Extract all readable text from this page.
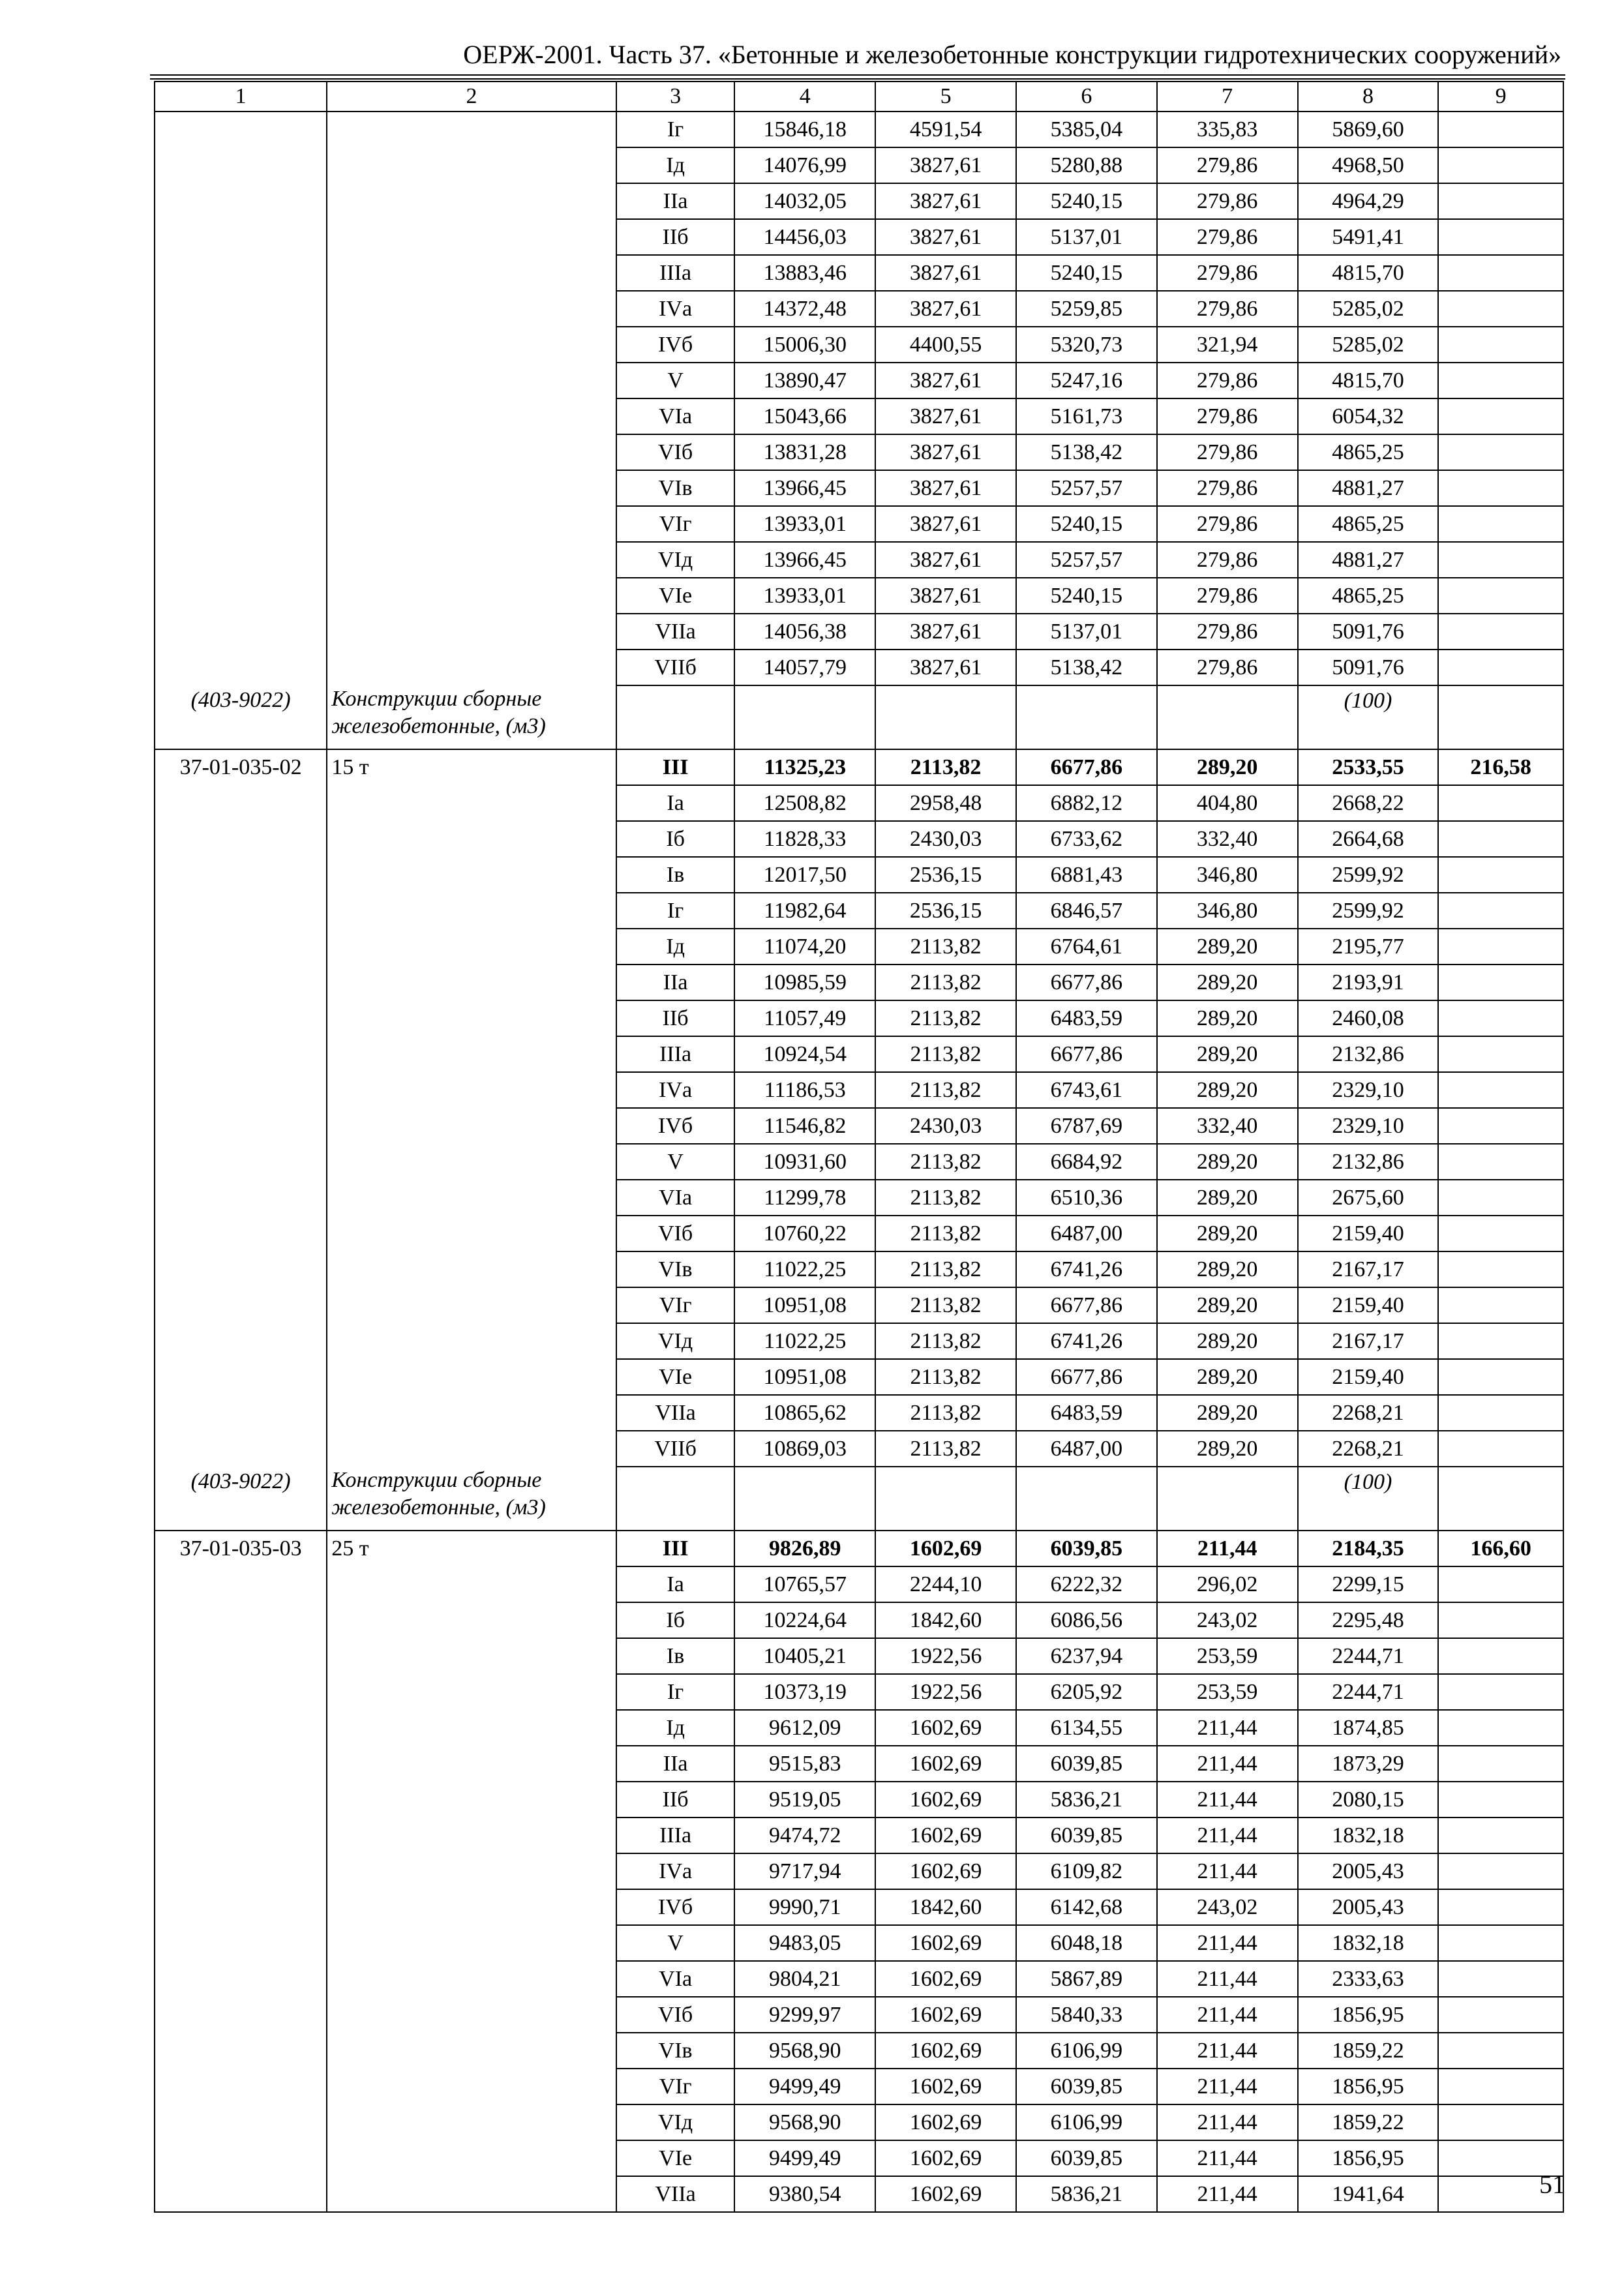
ОЕРЖ-2001. Часть 37. «Бетонные и железобетонные конструкции гидротехнических сооружений»
1	2	3	4	5	6	7	8	9
		Iг	15846,18	4591,54	5385,04	335,83	5869,60	
		Iд	14076,99	3827,61	5280,88	279,86	4968,50	
		IIа	14032,05	3827,61	5240,15	279,86	4964,29	
		IIб	14456,03	3827,61	5137,01	279,86	5491,41	
		IIIа	13883,46	3827,61	5240,15	279,86	4815,70	
		IVа	14372,48	3827,61	5259,85	279,86	5285,02	
		IVб	15006,30	4400,55	5320,73	321,94	5285,02	
		V	13890,47	3827,61	5247,16	279,86	4815,70	
		VIа	15043,66	3827,61	5161,73	279,86	6054,32	
		VIб	13831,28	3827,61	5138,42	279,86	4865,25	
		VIв	13966,45	3827,61	5257,57	279,86	4881,27	
		VIг	13933,01	3827,61	5240,15	279,86	4865,25	
		VIд	13966,45	3827,61	5257,57	279,86	4881,27	
		VIе	13933,01	3827,61	5240,15	279,86	4865,25	
		VIIа	14056,38	3827,61	5137,01	279,86	5091,76	
		VIIб	14057,79	3827,61	5138,42	279,86	5091,76	
(403-9022)	Конструкции сборные железобетонные, (м3)						(100)	
37-01-035-02	15 т	III	11325,23	2113,82	6677,86	289,20	2533,55	216,58
		Iа	12508,82	2958,48	6882,12	404,80	2668,22	
		Iб	11828,33	2430,03	6733,62	332,40	2664,68	
		Iв	12017,50	2536,15	6881,43	346,80	2599,92	
		Iг	11982,64	2536,15	6846,57	346,80	2599,92	
		Iд	11074,20	2113,82	6764,61	289,20	2195,77	
		IIа	10985,59	2113,82	6677,86	289,20	2193,91	
		IIб	11057,49	2113,82	6483,59	289,20	2460,08	
		IIIа	10924,54	2113,82	6677,86	289,20	2132,86	
		IVа	11186,53	2113,82	6743,61	289,20	2329,10	
		IVб	11546,82	2430,03	6787,69	332,40	2329,10	
		V	10931,60	2113,82	6684,92	289,20	2132,86	
		VIа	11299,78	2113,82	6510,36	289,20	2675,60	
		VIб	10760,22	2113,82	6487,00	289,20	2159,40	
		VIв	11022,25	2113,82	6741,26	289,20	2167,17	
		VIг	10951,08	2113,82	6677,86	289,20	2159,40	
		VIд	11022,25	2113,82	6741,26	289,20	2167,17	
		VIе	10951,08	2113,82	6677,86	289,20	2159,40	
		VIIа	10865,62	2113,82	6483,59	289,20	2268,21	
		VIIб	10869,03	2113,82	6487,00	289,20	2268,21	
(403-9022)	Конструкции сборные железобетонные, (м3)						(100)	
37-01-035-03	25 т	III	9826,89	1602,69	6039,85	211,44	2184,35	166,60
		Iа	10765,57	2244,10	6222,32	296,02	2299,15	
		Iб	10224,64	1842,60	6086,56	243,02	2295,48	
		Iв	10405,21	1922,56	6237,94	253,59	2244,71	
		Iг	10373,19	1922,56	6205,92	253,59	2244,71	
		Iд	9612,09	1602,69	6134,55	211,44	1874,85	
		IIа	9515,83	1602,69	6039,85	211,44	1873,29	
		IIб	9519,05	1602,69	5836,21	211,44	2080,15	
		IIIа	9474,72	1602,69	6039,85	211,44	1832,18	
		IVа	9717,94	1602,69	6109,82	211,44	2005,43	
		IVб	9990,71	1842,60	6142,68	243,02	2005,43	
		V	9483,05	1602,69	6048,18	211,44	1832,18	
		VIа	9804,21	1602,69	5867,89	211,44	2333,63	
		VIб	9299,97	1602,69	5840,33	211,44	1856,95	
		VIв	9568,90	1602,69	6106,99	211,44	1859,22	
		VIг	9499,49	1602,69	6039,85	211,44	1856,95	
		VIд	9568,90	1602,69	6106,99	211,44	1859,22	
		VIе	9499,49	1602,69	6039,85	211,44	1856,95	
		VIIа	9380,54	1602,69	5836,21	211,44	1941,64		51
